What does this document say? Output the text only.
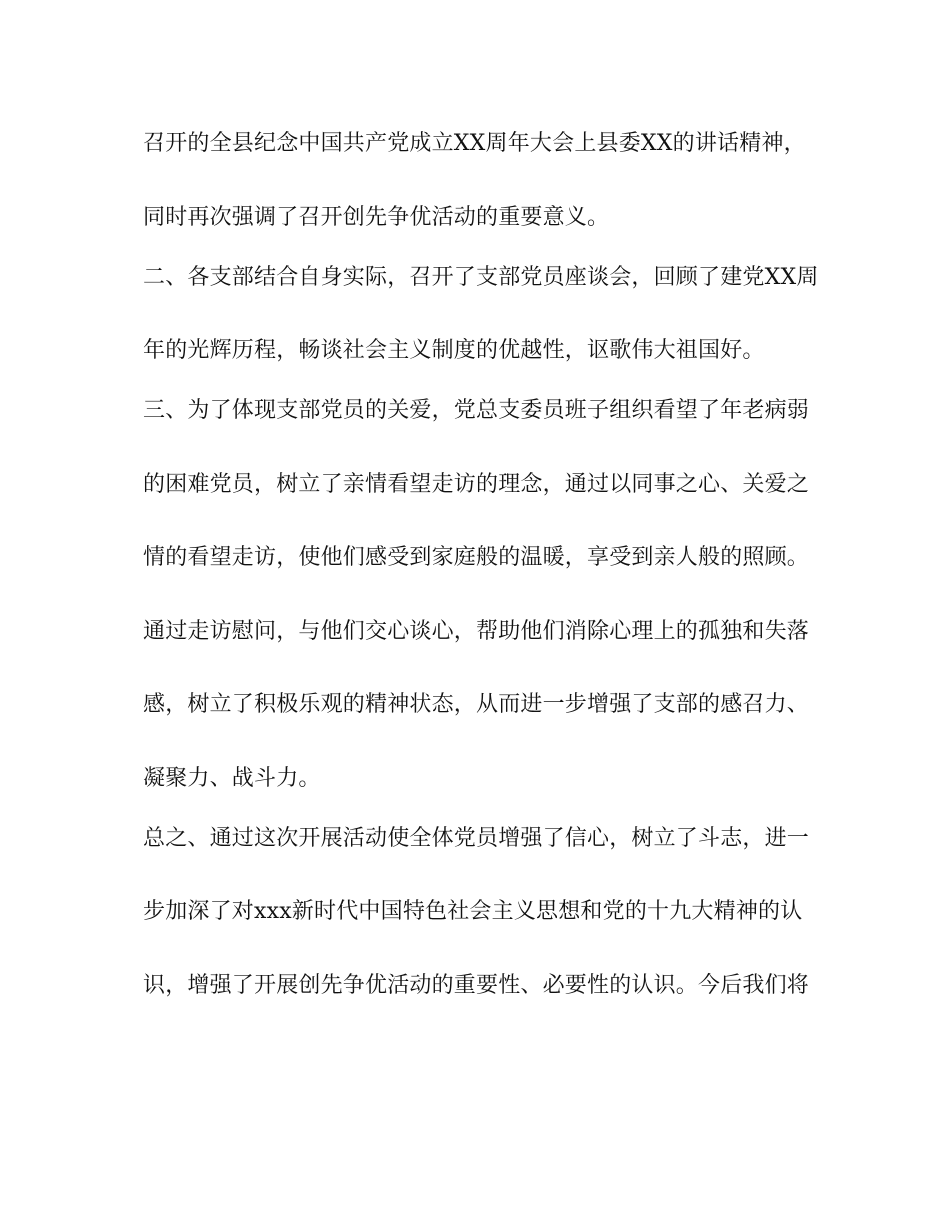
召开的全县纪念中国共产党成立XX周年大会上县委XX的讲话精神，
同时再次强调了召开创先争优活动的重要意义。
二、各支部结合自身实际，召开了支部党员座谈会，回顾了建党XX周
年的光辉历程，畅谈社会主义制度的优越性，讴歌伟大祖国好。
三、为了体现支部党员的关爱，党总支委员班子组织看望了年老病弱
的困难党员，树立了亲情看望走访的理念，通过以同事之心、关爱之
情的看望走访，使他们感受到家庭般的温暖，享受到亲人般的照顾。
通过走访慰问，与他们交心谈心，帮助他们消除心理上的孤独和失落
感，树立了积极乐观的精神状态，从而进一步增强了支部的感召力、
凝聚力、战斗力。
总之、通过这次开展活动使全体党员增强了信心，树立了斗志，进一
步加深了对xxx新时代中国特色社会主义思想和党的十九大精神的认
识，增强了开展创先争优活动的重要性、必要性的认识。今后我们将
